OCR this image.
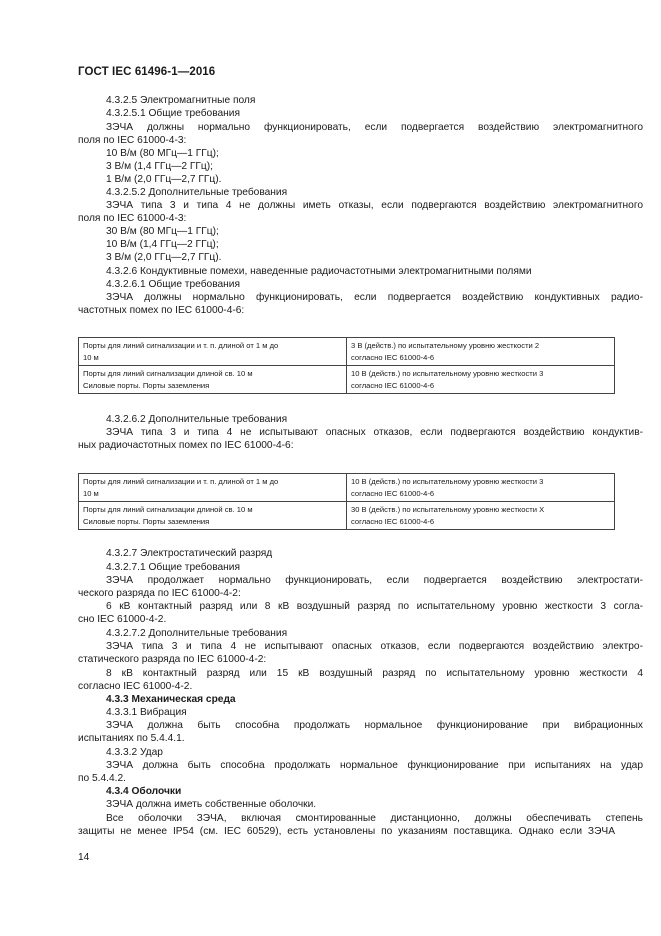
ГОСТ IEC 61496-1—2016
4.3.2.5 Электромагнитные поля
4.3.2.5.1 Общие требования
ЗЭЧА должны нормально функционировать, если подвергается воздействию электромагнитного
поля по IEC 61000-4-3:
10 В/м (80 МГц—1 ГГц);
3 В/м (1,4 ГГц—2 ГГц);
1 В/м (2,0 ГГц—2,7 ГГц).
4.3.2.5.2 Дополнительные требования
ЗЭЧА типа 3 и типа 4 не должны иметь отказы, если подвергаются воздействию электромагнитного
поля по IEC 61000-4-3:
30 В/м (80 МГц—1 ГГц);
10 В/м (1,4 ГГц—2 ГГц);
3 В/м (2,0 ГГц—2,7 ГГц).
4.3.2.6 Кондуктивные помехи, наведенные радиочастотными электромагнитными полями
4.3.2.6.1 Общие требования
ЗЭЧА должны нормально функционировать, если подвергается воздействию кондуктивных радио-
частотных помех по IEC 61000-4-6:
Порты для линий сигнализации и т. п. длиной от 1 м до
10 м	3 В (действ.) по испытательному уровню жесткости 2
согласно IEC 61000-4-6
Порты для линий сигнализации длиной св. 10 м
Силовые порты. Порты заземления	10 В (действ.) по испытательному уровню жесткости 3
согласно IEC 61000-4-6
4.3.2.6.2 Дополнительные требования
ЗЭЧА типа 3 и типа 4 не испытывают опасных отказов, если подвергаются воздействию кондуктив-
ных радиочастотных помех по IEC 61000-4-6:
Порты для линий сигнализации и т. п. длиной от 1 м до
10 м	10 В (действ.) по испытательному уровню жесткости 3
согласно IEC 61000-4-6
Порты для линий сигнализации длиной св. 10 м
Силовые порты. Порты заземления	30 В (действ.) по испытательному уровню жесткости Х
согласно IEC 61000-4-6
4.3.2.7 Электростатический разряд
4.3.2.7.1 Общие требования
ЗЭЧА продолжает нормально функционировать, если подвергается воздействию электростати-
ческого разряда по IEC 61000-4-2:
6 кВ контактный разряд или 8 кВ воздушный разряд по испытательному уровню жесткости 3 согла-
сно IEC 61000-4-2.
4.3.2.7.2 Дополнительные требования
ЗЭЧА типа 3 и типа 4 не испытывают опасных отказов, если подвергаются воздействию электро-
статического разряда по IEC 61000-4-2:
8 кВ контактный разряд или 15 кВ воздушный разряд по испытательному уровню жесткости 4
согласно IEC 61000-4-2.
4.3.3 Механическая среда
4.3.3.1 Вибрация
ЗЭЧА должна быть способна продолжать нормальное функционирование при вибрационных
испытаниях по 5.4.4.1.
4.3.3.2 Удар
ЗЭЧА должна быть способна продолжать нормальное функционирование при испытаниях на удар
по 5.4.4.2.
4.3.4 Оболочки
ЗЭЧА должна иметь собственные оболочки.
Все оболочки ЗЭЧА, включая смонтированные дистанционно, должны обеспечивать степень
защиты не менее IP54 (см. IEC 60529), есть установлены по указаниям поставщика. Однако если ЗЭЧА
14
